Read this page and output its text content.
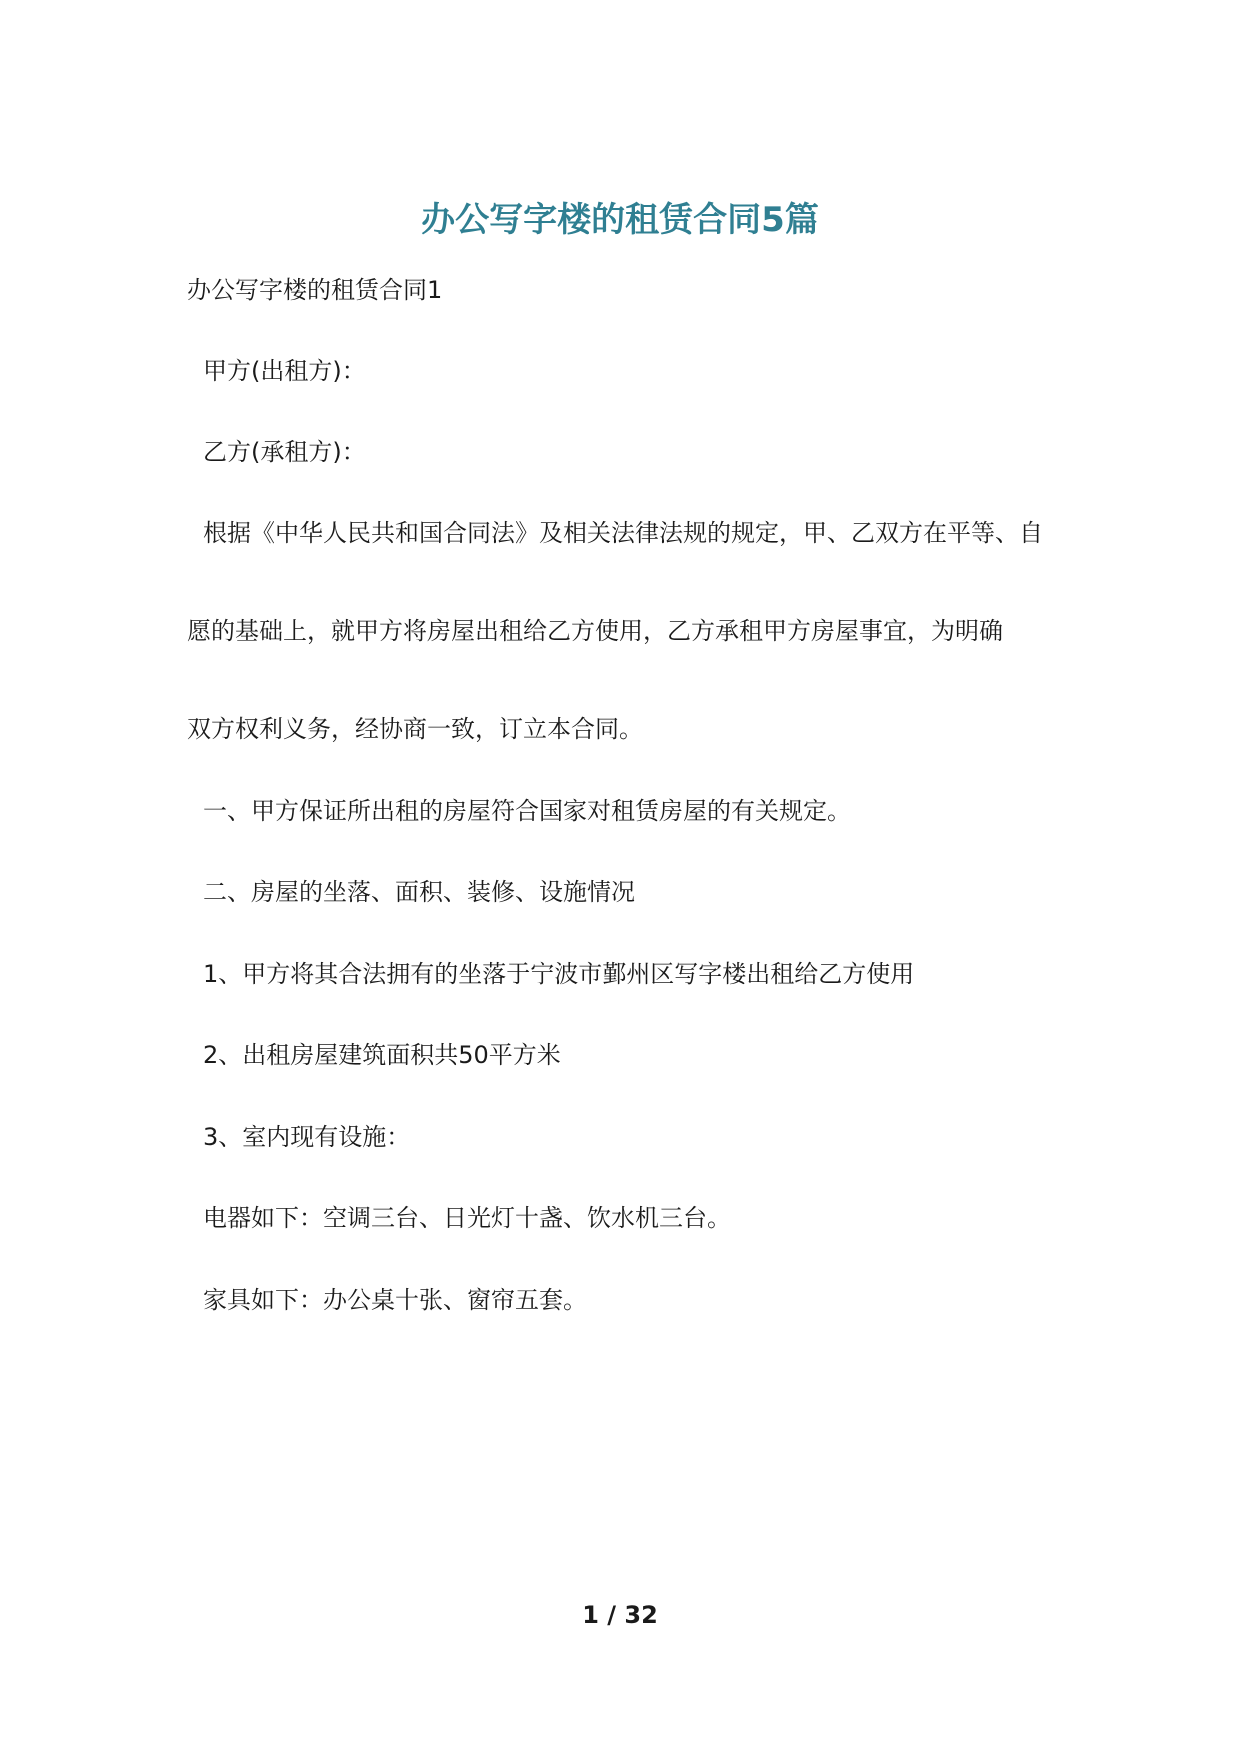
办公写字楼的租赁合同5篇
办公写字楼的租赁合同1
甲方(出租方)：
乙方(承租方)：
根据《中华人民共和国合同法》及相关法律法规的规定，甲、乙双方在平等、自
愿的基础上，就甲方将房屋出租给乙方使用，乙方承租甲方房屋事宜，为明确
双方权利义务，经协商一致，订立本合同。
一、甲方保证所出租的房屋符合国家对租赁房屋的有关规定。
二、房屋的坐落、面积、装修、设施情况
1、甲方将其合法拥有的坐落于宁波市鄞州区写字楼出租给乙方使用
2、出租房屋建筑面积共50平方米
3、室内现有设施：
电器如下：空调三台、日光灯十盏、饮水机三台。
家具如下：办公桌十张、窗帘五套。
1 / 32
